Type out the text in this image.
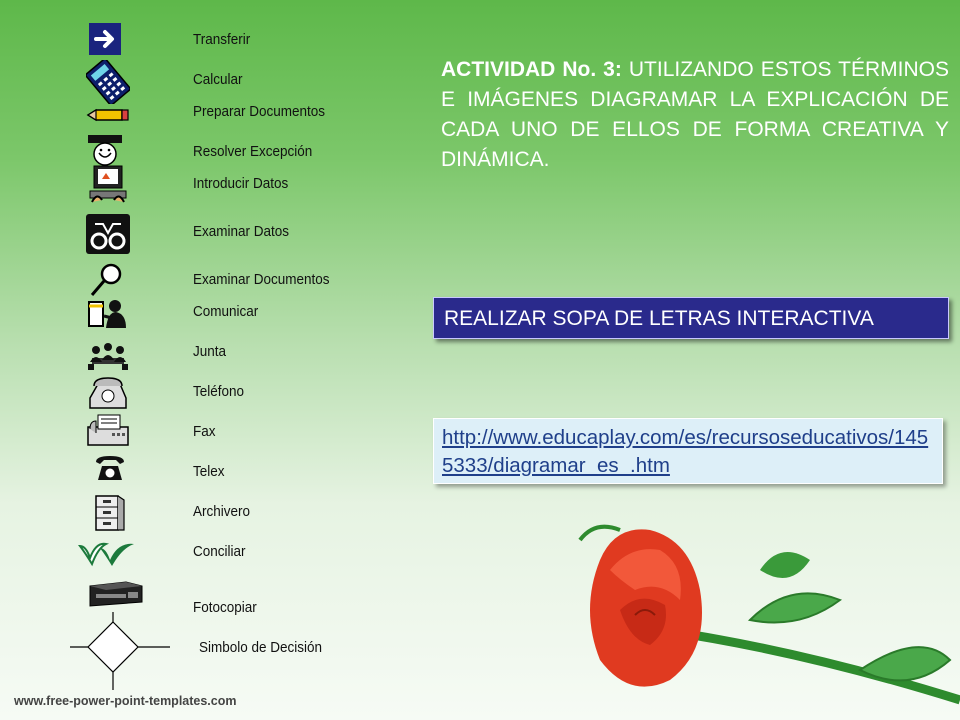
Transferir
Calcular
Preparar Documentos
Resolver Excepción
Introducir Datos
Examinar Datos
Examinar Documentos
Comunicar
Junta
Teléfono
Fax
Telex
Archivero
Conciliar
Fotocopiar
Simbolo de Decisión
ACTIVIDAD No. 3: UTILIZANDO ESTOS TÉRMINOS E IMÁGENES DIAGRAMAR LA EXPLICACIÓN DE CADA UNO DE ELLOS DE FORMA CREATIVA Y DINÁMICA.
REALIZAR SOPA DE LETRAS INTERACTIVA
http://www.educaplay.com/es/recursoseducativos/1455333/diagramar_es_.htm
www.free-power-point-templates.com
